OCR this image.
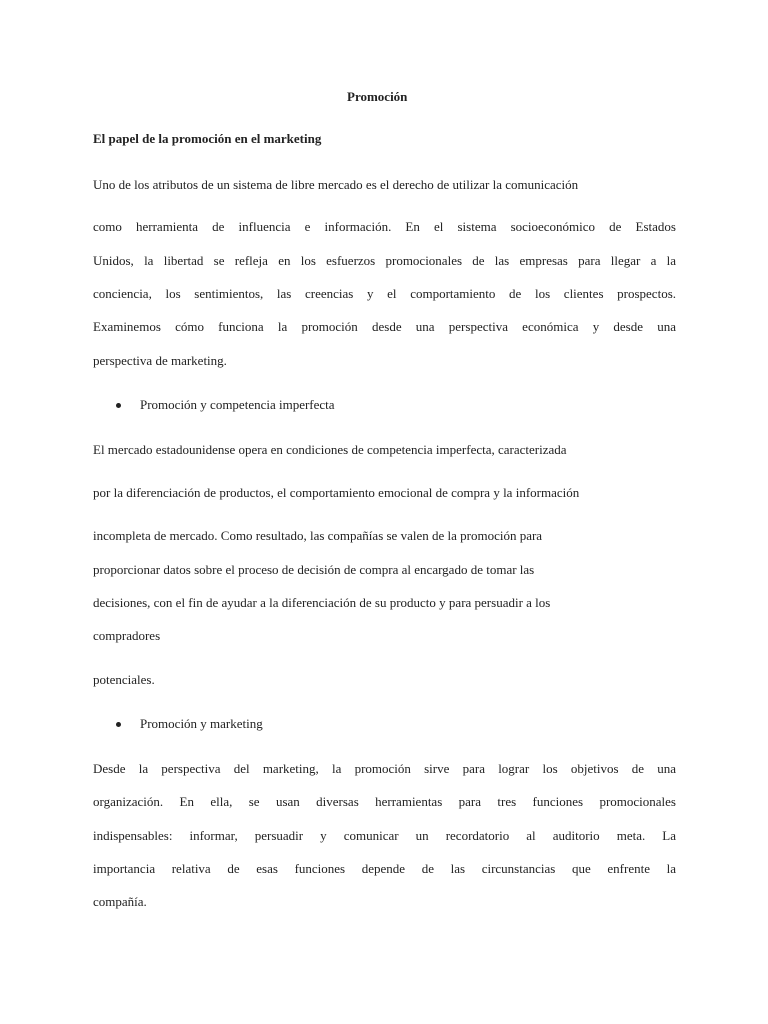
Promoción

El papel de la promoción en el marketing

Uno de los atributos de un sistema de libre mercado es el derecho de utilizar la comunicación

como herramienta de influencia e información. En el sistema socioeconómico de Estados

Unidos, la libertad se refleja en los esfuerzos promocionales de las empresas para llegar a la

conciencia, los sentimientos, las creencias y el comportamiento de los clientes prospectos.

Examinemos cómo funciona la promoción desde una perspectiva económica y desde una

perspectiva de marketing.

Promoción y competencia imperfecta

El mercado estadounidense opera en condiciones de competencia imperfecta, caracterizada

por la diferenciación de productos, el comportamiento emocional de compra y la información

incompleta de mercado. Como resultado, las compañías se valen de la promoción para

proporcionar datos sobre el proceso de decisión de compra al encargado de tomar las

decisiones, con el fin de ayudar a la diferenciación de su producto y para persuadir a los

compradores

potenciales.

Promoción y marketing

Desde la perspectiva del marketing, la promoción sirve para lograr los objetivos de una

organización. En ella, se usan diversas herramientas para tres funciones promocionales

indispensables: informar, persuadir y comunicar un recordatorio al auditorio meta. La

importancia relativa de esas funciones depende de las circunstancias que enfrente la

compañía.
